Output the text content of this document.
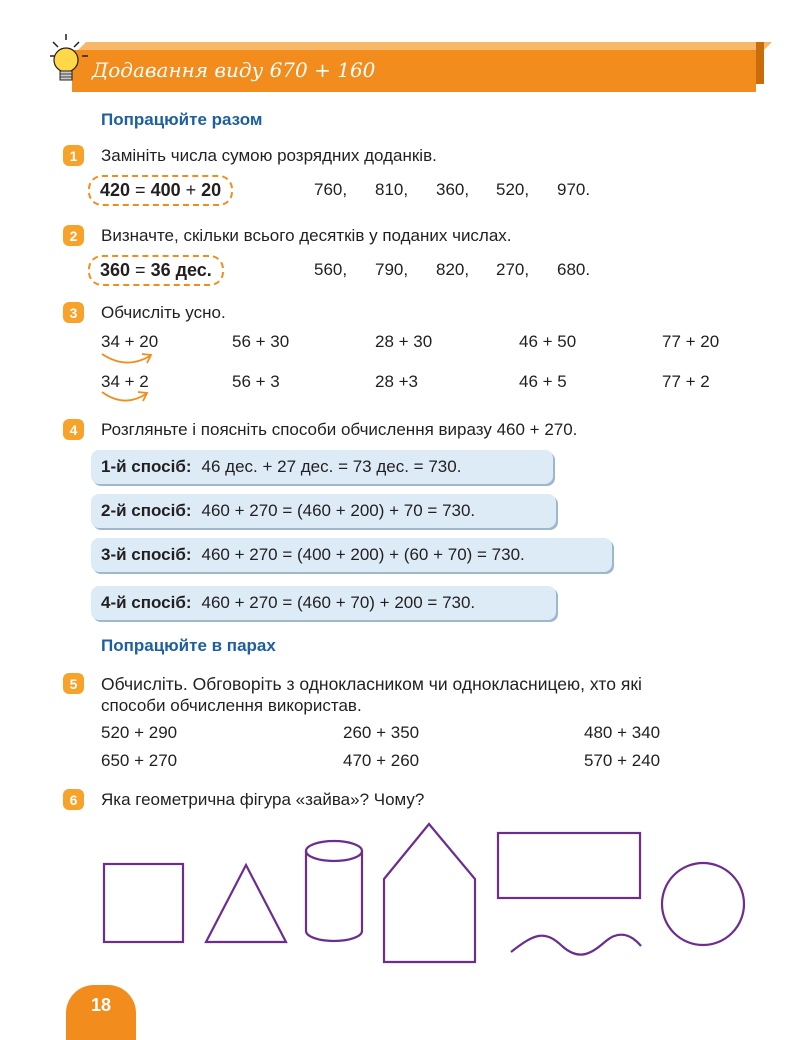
Додавання виду 670 + 160
Попрацюйте разом
1	Замініть числа сумою розрядних доданків.
420 = 400 + 20	760, 810, 360, 520, 970.
2	Визначте, скільки всього десятків у поданих числах.
360 = 36 дес.	560, 790, 820, 270, 680.
3	Обчисліть усно.
34 + 20	56 + 30	28 + 30	46 + 50	77 + 20
34 + 2	56 + 3	28 +3	46 + 5	77 + 2
4	Розгляньте і поясніть способи обчислення виразу 460 + 270.
1-й спосіб: 46 дес. + 27 дес. = 73 дес. = 730.
2-й спосіб: 460 + 270 = (460 + 200) + 70 = 730.
3-й спосіб: 460 + 270 = (400 + 200) + (60 + 70) = 730.
4-й спосіб: 460 + 270 = (460 + 70) + 200 = 730.
Попрацюйте в парах
5	Обчисліть. Обговоріть з однокласником чи однокласницею, хто які
способи обчислення використав.
520 + 290	260 + 350	480 + 340
650 + 270	470 + 260	570 + 240
6	Яка геометрична фігура «зайва»? Чому?
18
